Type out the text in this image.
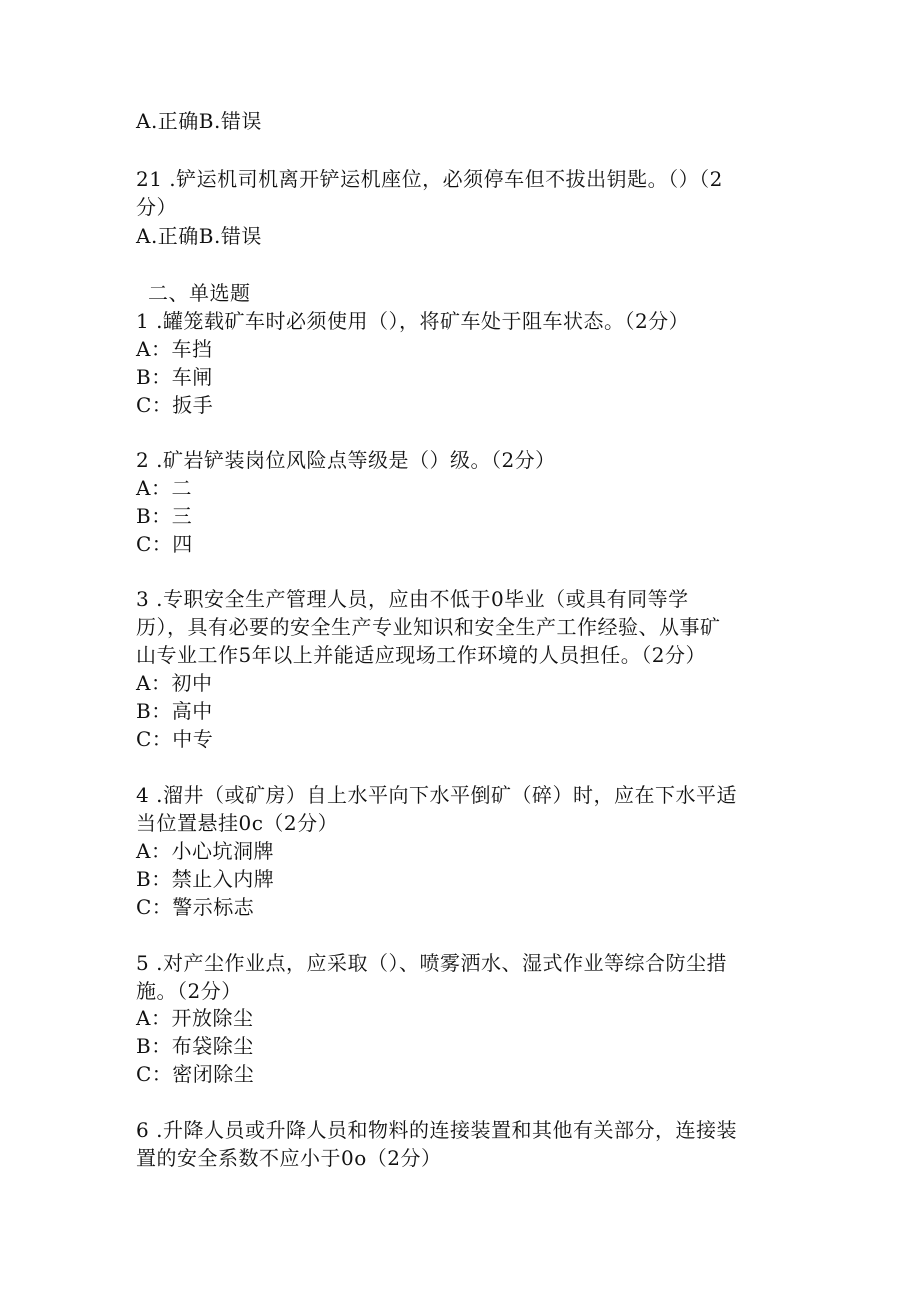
A.正确B.错误
21 .铲运机司机离开铲运机座位，必须停车但不拔出钥匙。（）（2
分）
A.正确B.错误
二、单选题
1 .罐笼载矿车时必须使用（），将矿车处于阻车状态。（2分）
A：车挡
B：车闸
C：扳手
2 .矿岩铲装岗位风险点等级是（）级。（2分）
A：二
B：三
C：四
3 .专职安全生产管理人员，应由不低于0毕业（或具有同等学
历），具有必要的安全生产专业知识和安全生产工作经验、从事矿
山专业工作5年以上并能适应现场工作环境的人员担任。（2分）
A：初中
B：高中
C：中专
4 .溜井（或矿房）自上水平向下水平倒矿（碎）时，应在下水平适
当位置悬挂0c（2分）
A：小心坑洞牌
B：禁止入内牌
C：警示标志
5 .对产尘作业点，应采取（）、喷雾洒水、湿式作业等综合防尘措
施。（2分）
A：开放除尘
B：布袋除尘
C：密闭除尘
6 .升降人员或升降人员和物料的连接装置和其他有关部分，连接装
置的安全系数不应小于0o（2分）
